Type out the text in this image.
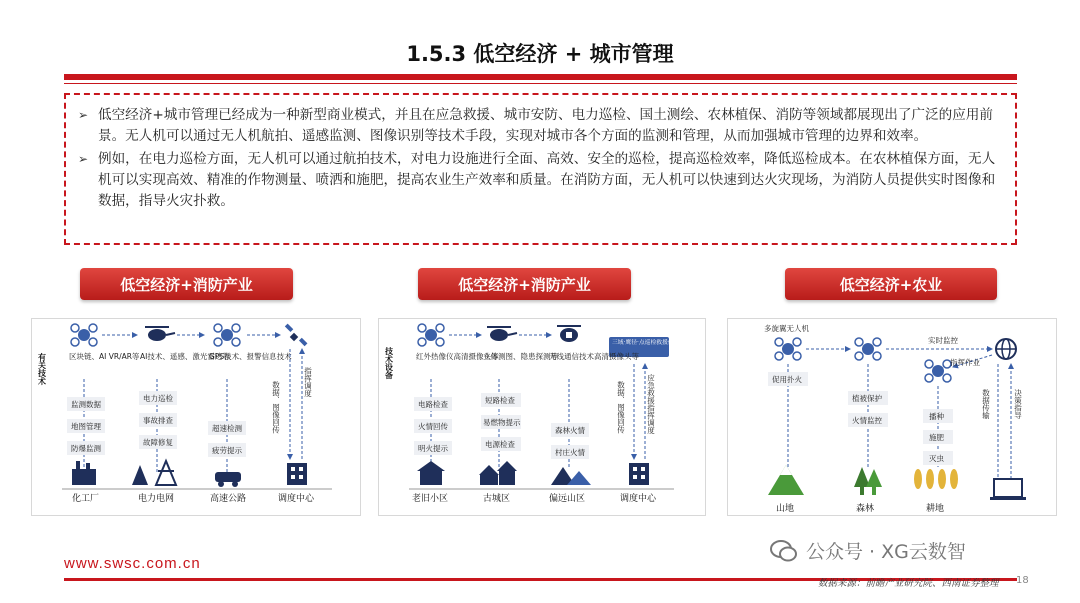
1.5.3 低空经济 + 城市管理
➢ 低空经济+城市管理已经成为一种新型商业模式，并且在应急救援、城市安防、电力巡检、国土测绘、农林植保、消防等领域都展现出了广泛的应用前景。无人机可以通过无人机航拍、遥感监测、图像识别等技术手段，实现对城市各个方面的监测和管理，从而加强城市管理的边界和效率。
➢ 例如，在电力巡检方面，无人机可以通过航拍技术，对电力设施进行全面、高效、安全的巡检，提高巡检效率，降低巡检成本。在农林植保方面，无人机可以实现高效、精准的作物测量、喷洒和施肥，提高农业生产效率和质量。在消防方面，无人机可以快速到达火灾现场，为消防人员提供实时图像和数据，指导火灾扑救。
低空经济+消防产业	低空经济+消防产业	低空经济+农业
有关技术	区块链、AI VR/AR等 AI技术、遥感、激光雷达等
GPS技术、报警信息技术
数据、图像回传	指挥调度
监测数据
地图管理
防爆监测
电力巡检
事故排查
故障修复
超速检测
疲劳提示
化工厂	电力电网	高速公路	调度中心
三域·鹰径·点巡检救援体系
技术设备	红外热像仪高清摄像头等
立体测图、隐患探测等
无线通信技术高清摄像头等
数据、图像回传	应急救援指挥调度
电路检查
火情回传
明火提示
短路检查
易燃物提示
电源检查
森林火情
村庄火情
老旧小区	古城区	偏远山区	调度中心
多旋翼无人机
实时监控
指挥作业
数据传输	决策指导
促用扑火
植被保护
火情监控	播种
施肥
灭虫
山地	森林	耕地
公众号 · XG云数智
www.swsc.com.cn
数据来源：前瞻产业研究院、西南证券整理 18
